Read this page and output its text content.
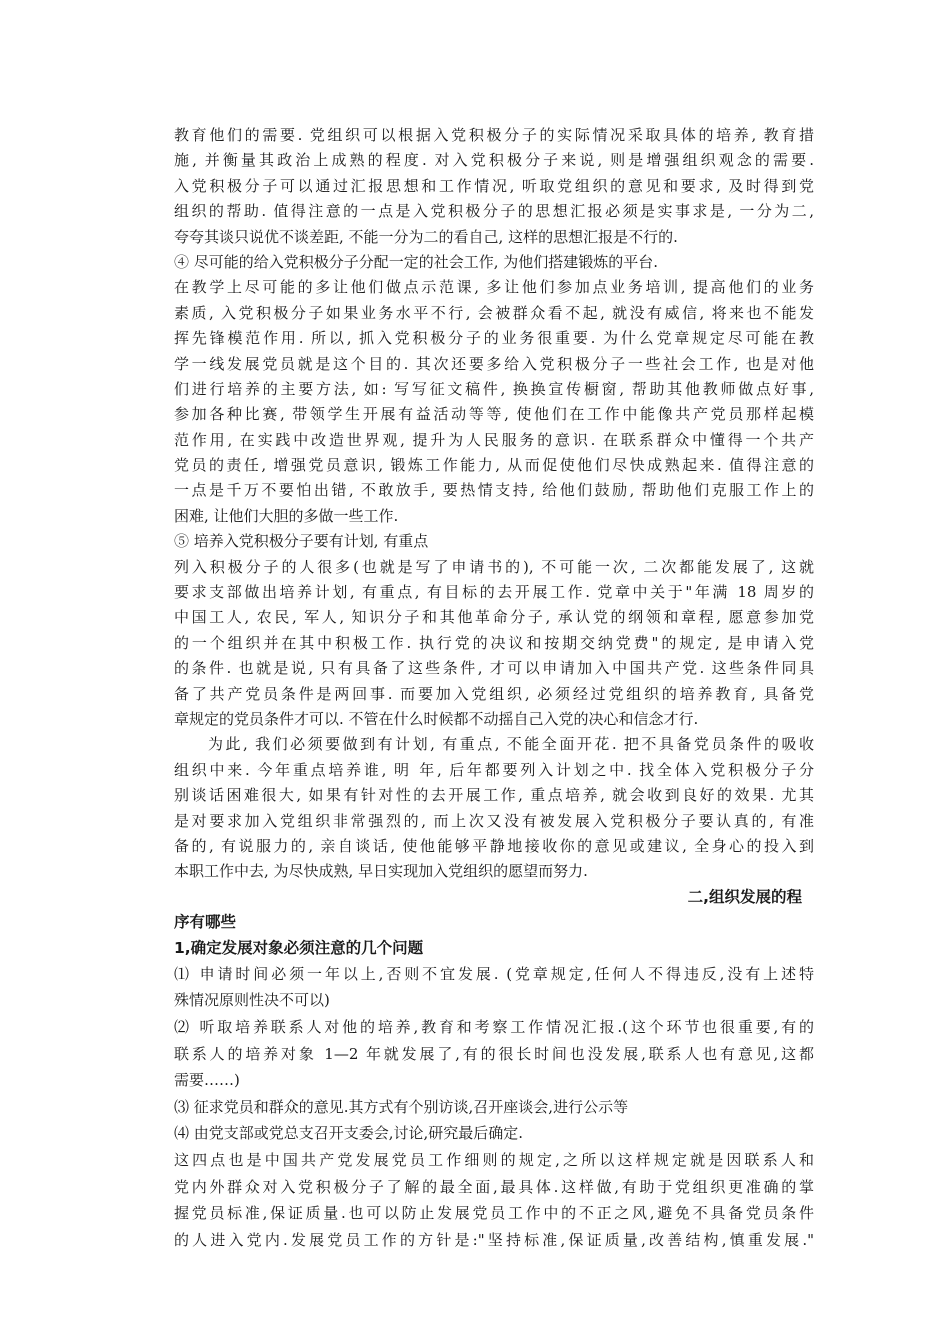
教育他们的需要. 党组织可以根据入党积极分子的实际情况采取具体的培养, 教育措
施, 并衡量其政治上成熟的程度. 对入党积极分子来说, 则是增强组织观念的需要.
入党积极分子可以通过汇报思想和工作情况, 听取党组织的意见和要求, 及时得到党
组织的帮助. 值得注意的一点是入党积极分子的思想汇报必须是实事求是, 一分为二,
夸夸其谈只说优不谈差距, 不能一分为二的看自己, 这样的思想汇报是不行的.
④ 尽可能的给入党积极分子分配一定的社会工作, 为他们搭建锻炼的平台.
在教学上尽可能的多让他们做点示范课, 多让他们参加点业务培训, 提高他们的业务
素质, 入党积极分子如果业务水平不行, 会被群众看不起, 就没有威信, 将来也不能发
挥先锋模范作用. 所以, 抓入党积极分子的业务很重要. 为什么党章规定尽可能在教
学一线发展党员就是这个目的. 其次还要多给入党积极分子一些社会工作, 也是对他
们进行培养的主要方法, 如: 写写征文稿件, 换换宣传橱窗, 帮助其他教师做点好事,
参加各种比赛, 带领学生开展有益活动等等, 使他们在工作中能像共产党员那样起模
范作用, 在实践中改造世界观, 提升为人民服务的意识. 在联系群众中懂得一个共产
党员的责任, 增强党员意识, 锻炼工作能力, 从而促使他们尽快成熟起来. 值得注意的
一点是千万不要怕出错, 不敢放手, 要热情支持, 给他们鼓励, 帮助他们克服工作上的
困难, 让他们大胆的多做一些工作.
⑤ 培养入党积极分子要有计划, 有重点
列入积极分子的人很多(也就是写了申请书的), 不可能一次, 二次都能发展了, 这就
要求支部做出培养计划, 有重点, 有目标的去开展工作. 党章中关于"年满 18 周岁的
中国工人, 农民, 军人, 知识分子和其他革命分子, 承认党的纲领和章程, 愿意参加党
的一个组织并在其中积极工作. 执行党的决议和按期交纳党费"的规定, 是申请入党
的条件. 也就是说, 只有具备了这些条件, 才可以申请加入中国共产党. 这些条件同具
备了共产党员条件是两回事. 而要加入党组织, 必须经过党组织的培养教育, 具备党
章规定的党员条件才可以. 不管在什么时候都不动摇自己入党的决心和信念才行.
为此, 我们必须要做到有计划, 有重点, 不能全面开花. 把不具备党员条件的吸收
组织中来. 今年重点培养谁, 明 年, 后年都要列入计划之中. 找全体入党积极分子分
别谈话困难很大, 如果有针对性的去开展工作, 重点培养, 就会收到良好的效果. 尤其
是对要求加入党组织非常强烈的, 而上次又没有被发展入党积极分子要认真的, 有准
备的, 有说服力的, 亲自谈话, 使他能够平静地接收你的意见或建议, 全身心的投入到
本职工作中去, 为尽快成熟, 早日实现加入党组织的愿望而努力.
二,组织发展的程
序有哪些
1,确定发展对象必须注意的几个问题
⑴ 申请时间必须一年以上,否则不宜发展. (党章规定,任何人不得违反,没有上述特
殊情况原则性决不可以)
⑵ 听取培养联系人对他的培养,教育和考察工作情况汇报.(这个环节也很重要,有的
联系人的培养对象 1—2 年就发展了,有的很长时间也没发展,联系人也有意见,这都
需要……)
⑶ 征求党员和群众的意见.其方式有个别访谈,召开座谈会,进行公示等
⑷ 由党支部或党总支召开支委会,讨论,研究最后确定.
这四点也是中国共产党发展党员工作细则的规定,之所以这样规定就是因联系人和
党内外群众对入党积极分子了解的最全面,最具体.这样做,有助于党组织更准确的掌
握党员标准,保证质量.也可以防止发展党员工作中的不正之风,避免不具备党员条件
的人进入党内.发展党员工作的方针是:"坚持标准,保证质量,改善结构,慎重发展."
